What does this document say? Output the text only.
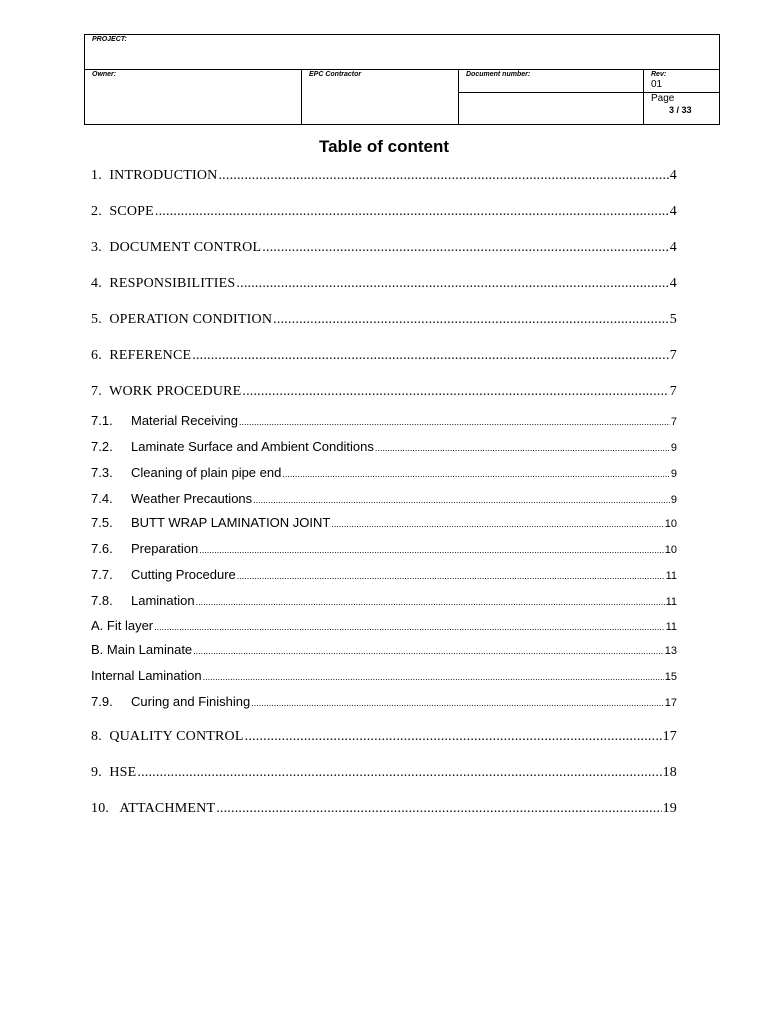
PROJECT:
Owner:	EPC Contractor	Document number:	Rev:
01
Page
3 / 33
Table of content
1. INTRODUCTION .....	4
2. SCOPE .....	4
3. DOCUMENT CONTROL .....	4
4. RESPONSIBILITIES .....	4
5. OPERATION CONDITION .....	5
6. REFERENCE .....	7
7. WORK PROCEDURE .....	7
7.1. Material Receiving .....	7
7.2. Laminate Surface and Ambient Conditions .....	9
7.3. Cleaning of plain pipe end .....	9
7.4. Weather Precautions .....	9
7.5. BUTT WRAP LAMINATION JOINT .....	10
7.6. Preparation .....	10
7.7. Cutting Procedure .....	11
7.8. Lamination .....	11
A. Fit layer .....	11
B. Main Laminate .....	13
Internal Lamination .....	15
7.9. Curing and Finishing .....	17
8. QUALITY CONTROL .....	17
9. HSE .....	18
10. ATTACHMENT .....	19
